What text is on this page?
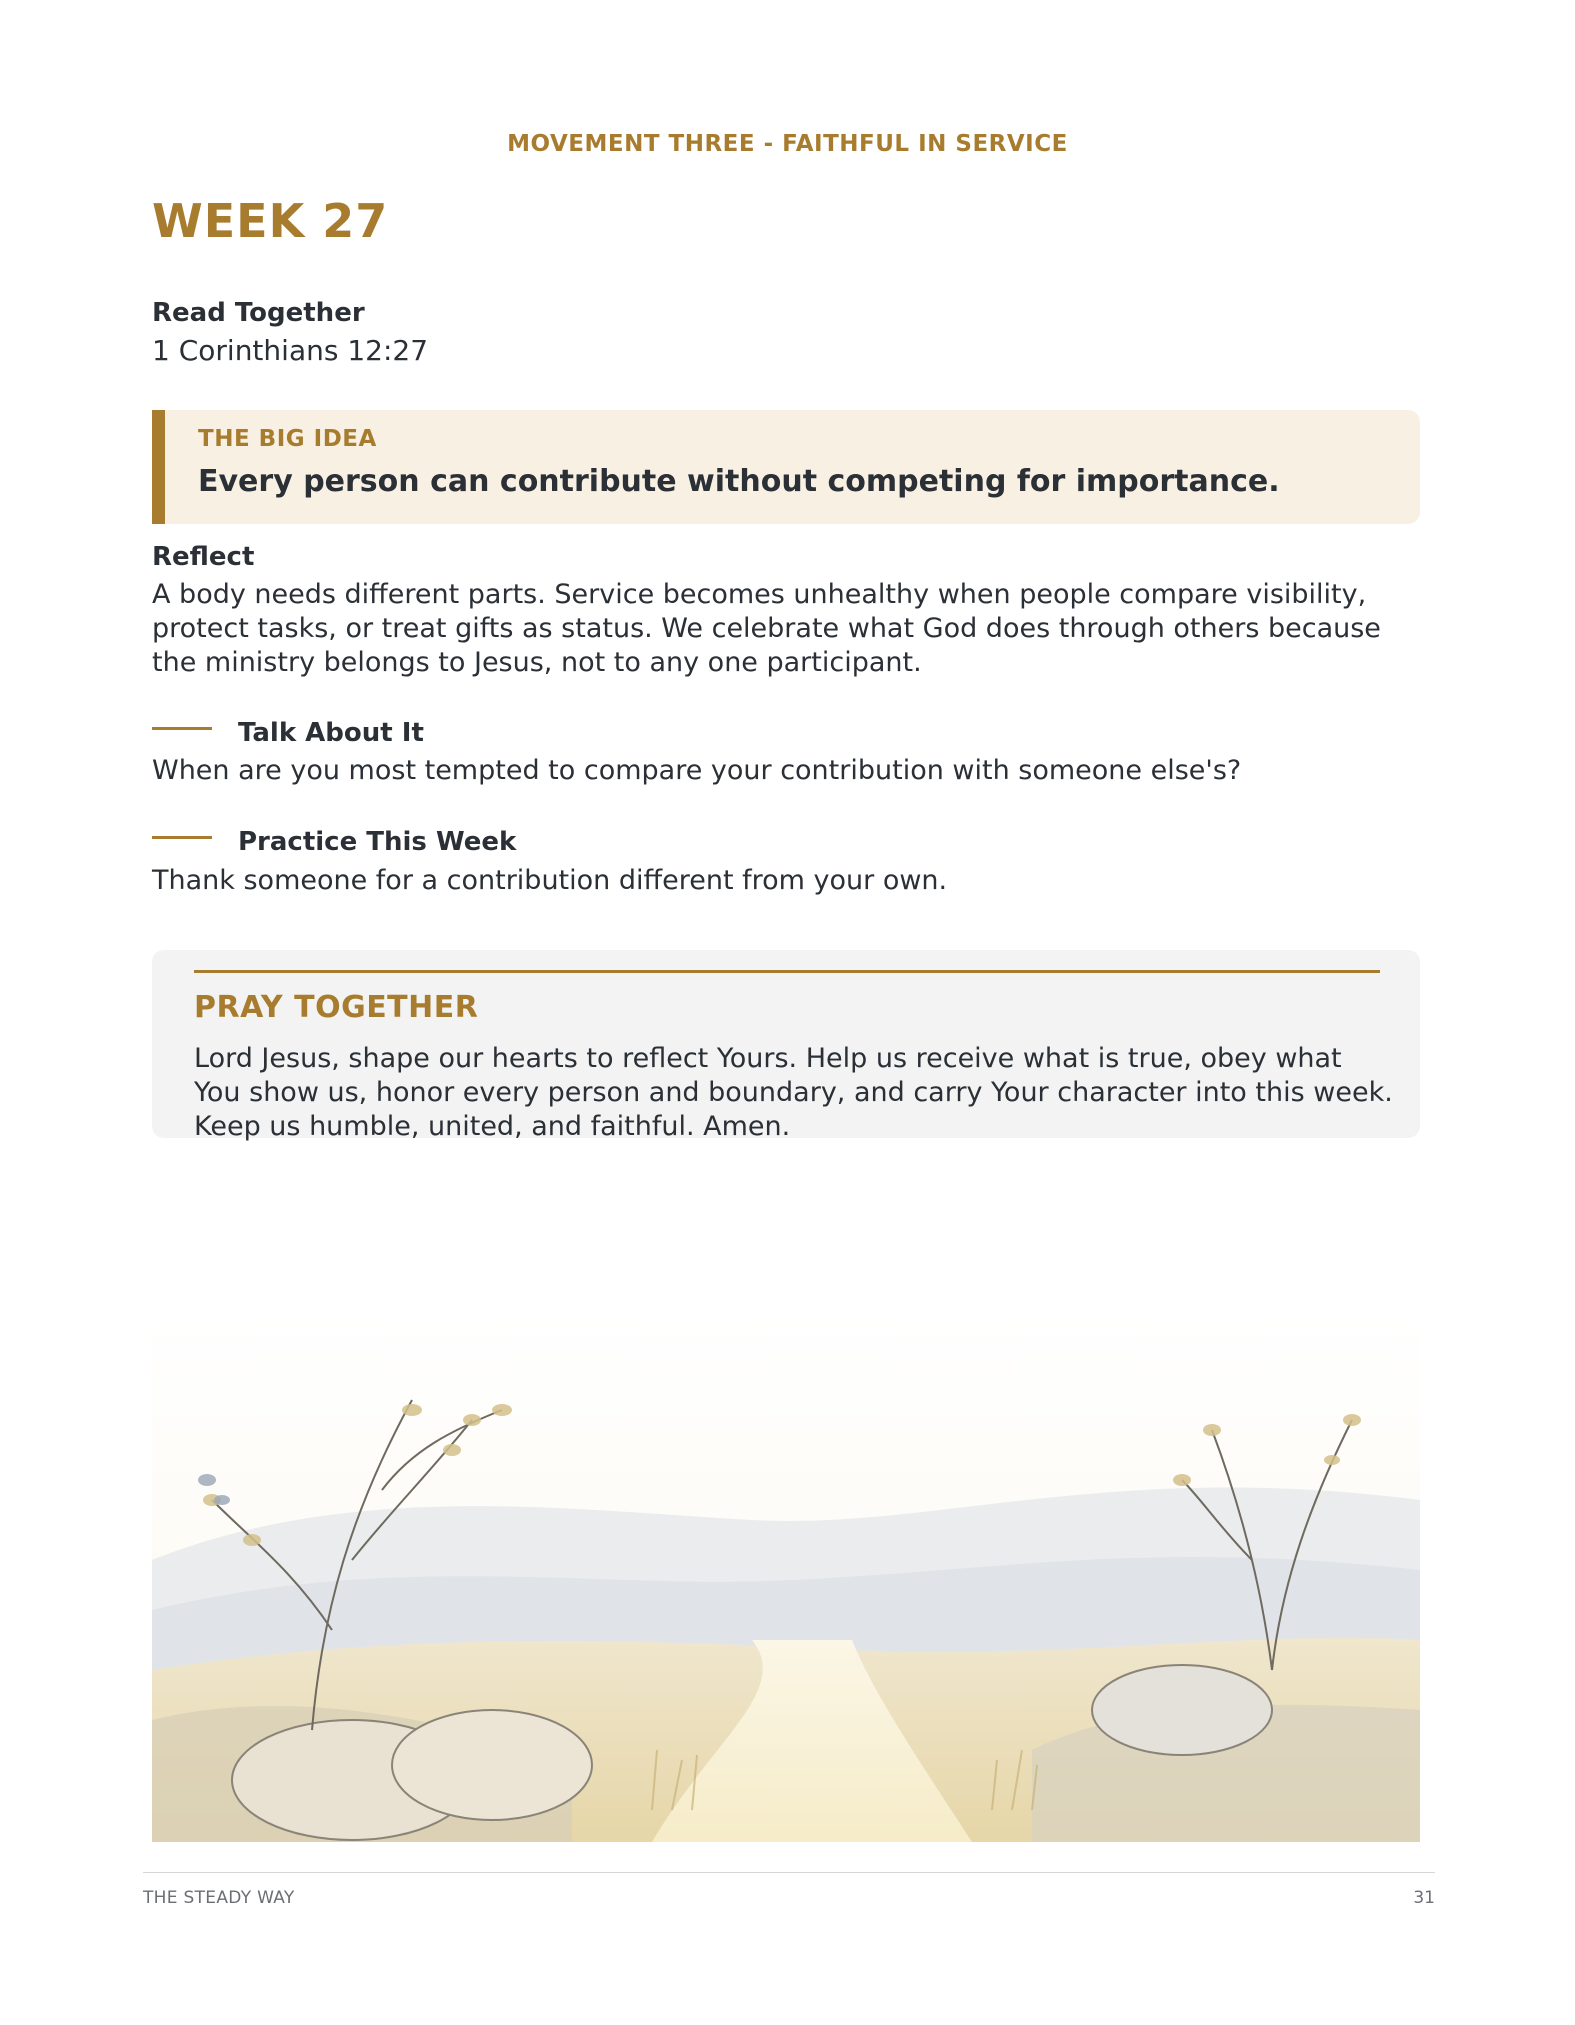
MOVEMENT THREE - FAITHFUL IN SERVICE
WEEK 27
Read Together
1 Corinthians 12:27
THE BIG IDEA
Every person can contribute without competing for importance.
Reflect
A body needs different parts. Service becomes unhealthy when people compare visibility, protect tasks, or treat gifts as status. We celebrate what God does through others because the ministry belongs to Jesus, not to any one participant.
Talk About It
When are you most tempted to compare your contribution with someone else's?
Practice This Week
Thank someone for a contribution different from your own.
PRAY TOGETHER
Lord Jesus, shape our hearts to reflect Yours. Help us receive what is true, obey what You show us, honor every person and boundary, and carry Your character into this week. Keep us humble, united, and faithful. Amen.
THE STEADY WAY	31
